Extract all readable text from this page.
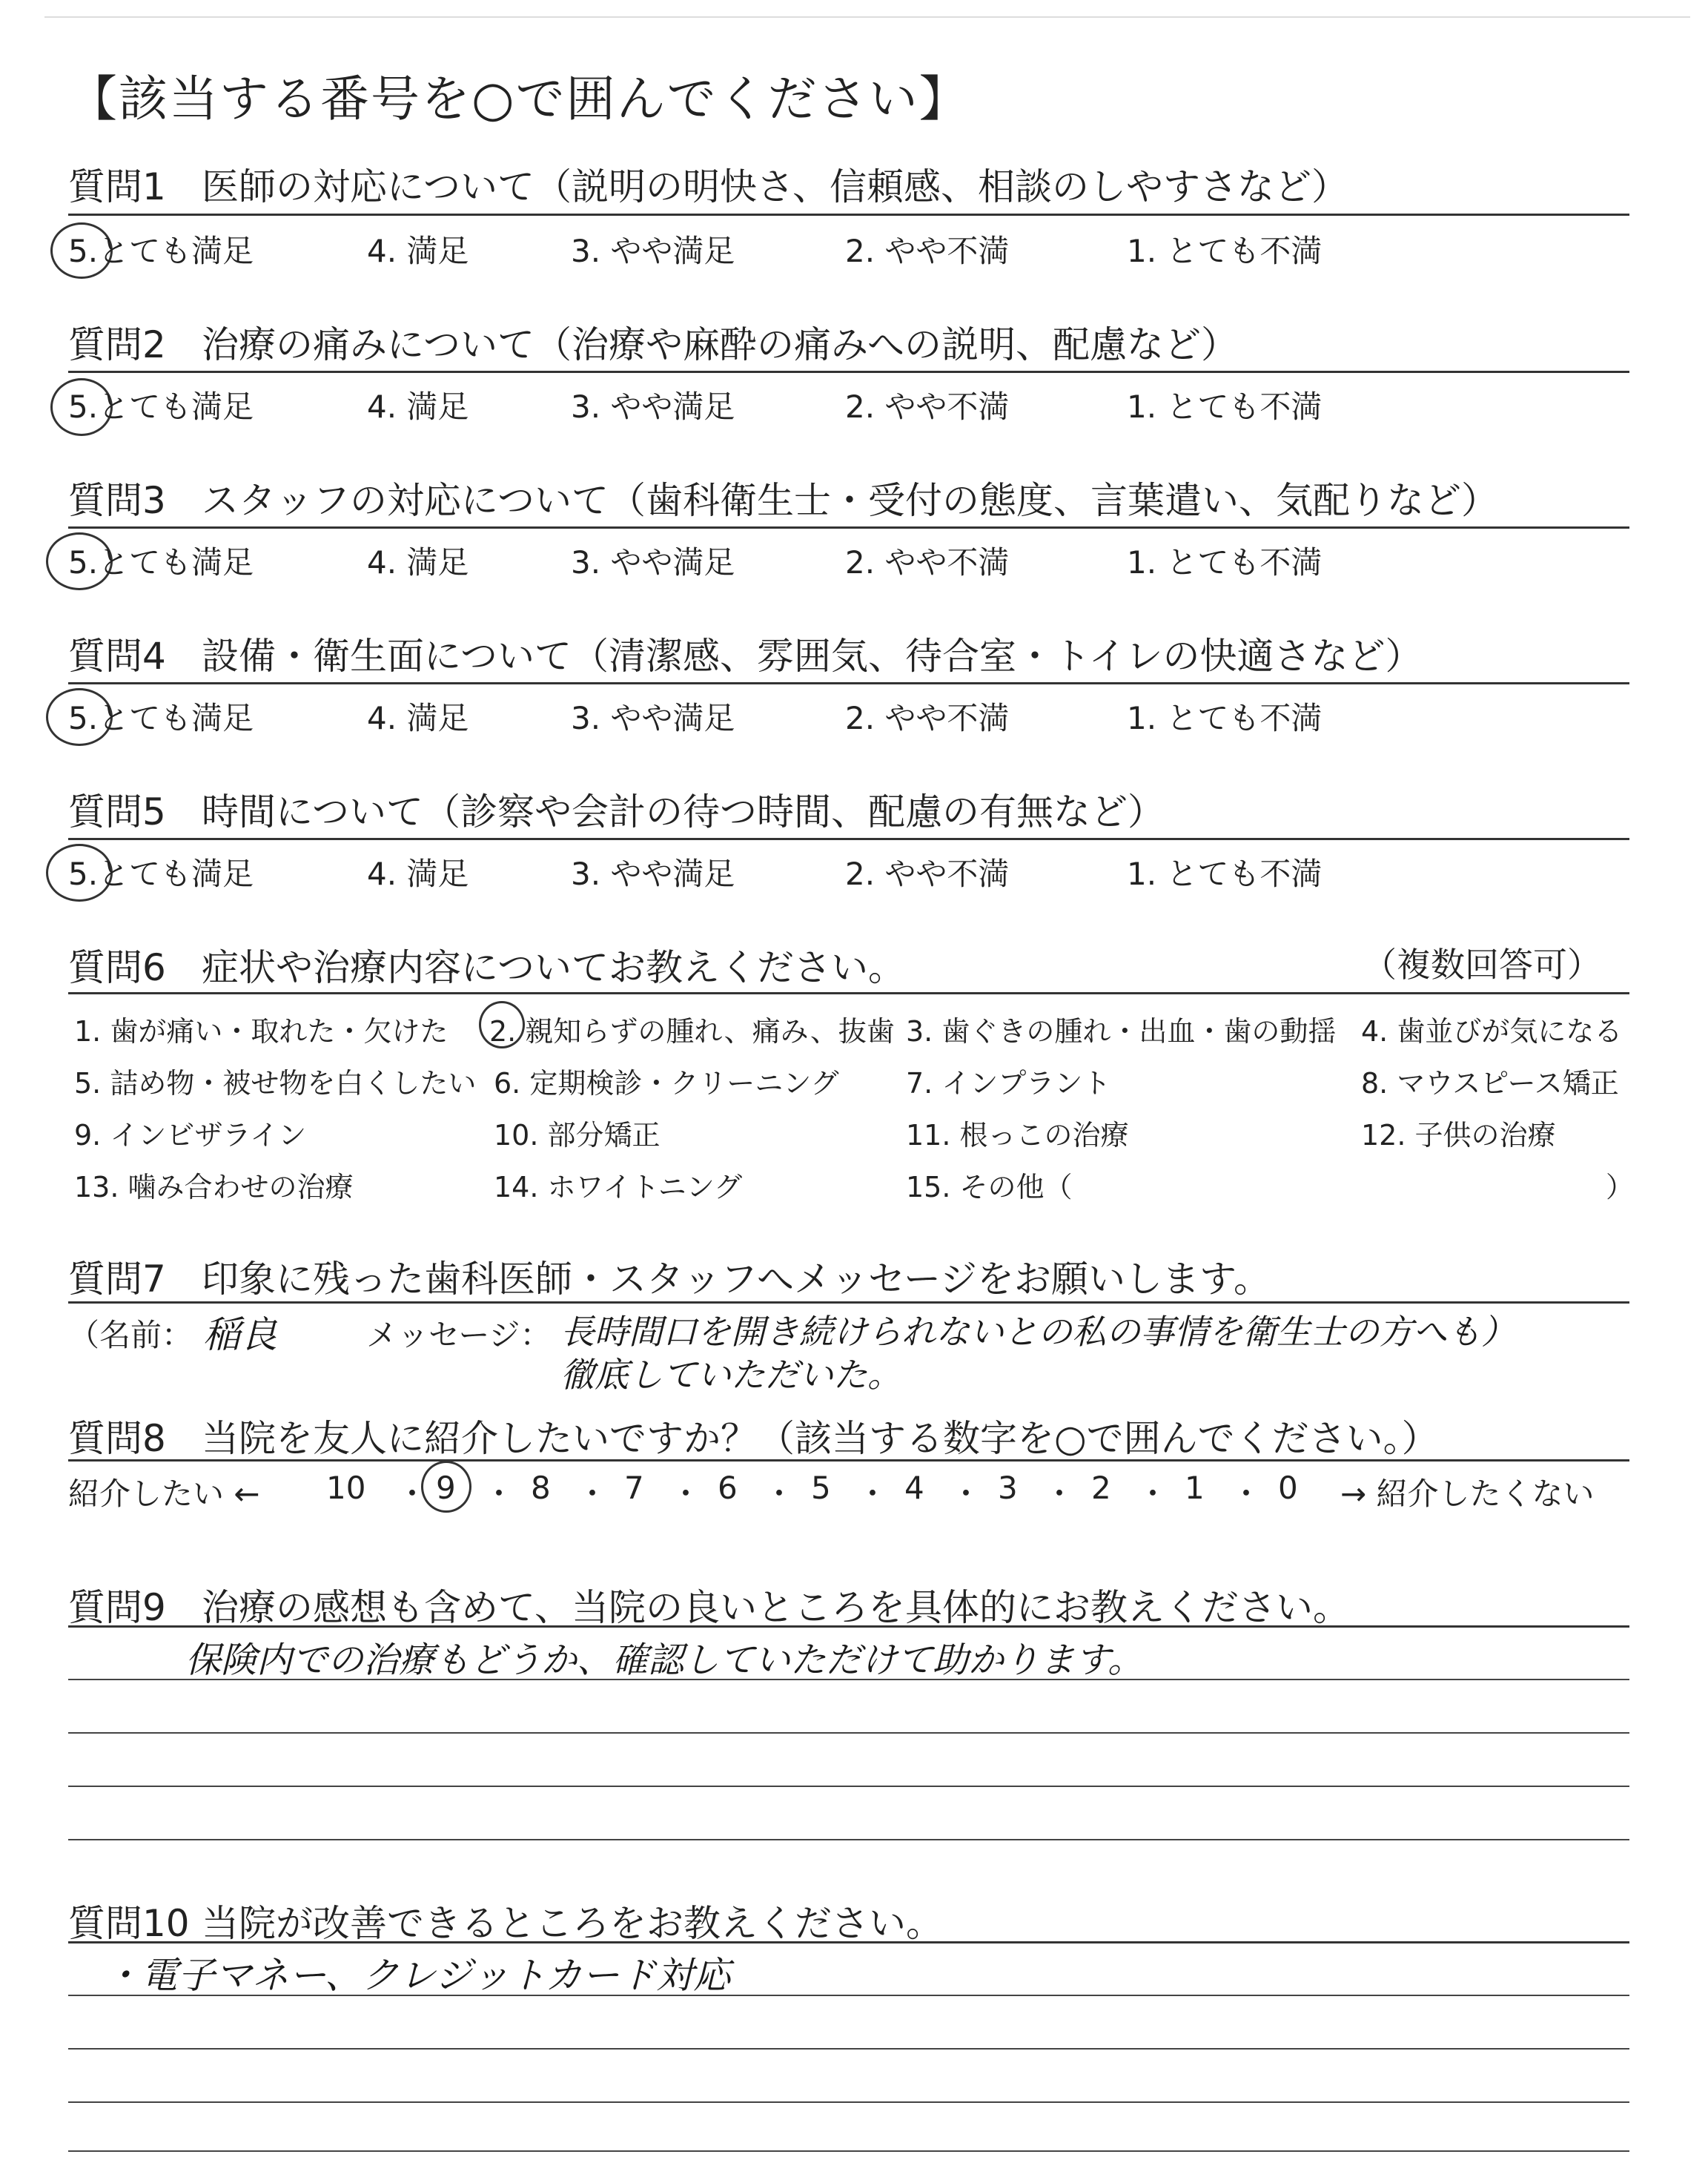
【該当する番号を○で囲んでください】
質問1 医師の対応について（説明の明快さ、信頼感、相談のしやすさなど）
5.とても満足	4. 満足	3. やや満足	2. やや不満	1. とても不満
質問2 治療の痛みについて（治療や麻酔の痛みへの説明、配慮など）
5.とても満足	4. 満足	3. やや満足	2. やや不満	1. とても不満
質問3 スタッフの対応について（歯科衛生士・受付の態度、言葉遣い、気配りなど）
5.とても満足	4. 満足	3. やや満足	2. やや不満	1. とても不満
質問4 設備・衛生面について（清潔感、雰囲気、待合室・トイレの快適さなど）
5.とても満足	4. 満足	3. やや満足	2. やや不満	1. とても不満
質問5 時間について（診察や会計の待つ時間、配慮の有無など）
5.とても満足	4. 満足	3. やや満足	2. やや不満	1. とても不満
質問6 症状や治療内容についてお教えください。	（複数回答可）
1. 歯が痛い・取れた・欠けた 2. 親知らずの腫れ、痛み、抜歯 3. 歯ぐきの腫れ・出血・歯の動揺 4. 歯並びが気になる
5. 詰め物・被せ物を白くしたい 6. 定期検診・クリーニング 7. インプラント	8. マウスピース矯正
9. インビザライン	10. 部分矯正	11. 根っこの治療	12. 子供の治療
13. 噛み合わせの治療	14. ホワイトニング	15. その他（	）
質問7 印象に残った歯科医師・スタッフへメッセージをお願いします。
（名前： 稲良	メッセージ： 長時間口を開き続けられないとの私の事情を衛生士の方へも）
徹底していただいた。
質問8 当院を友人に紹介したいですか？（該当する数字を○で囲んでください。）
紹介したい ← 10 ・ 9 ・ 8 ・ 7 ・ 6 ・ 5 ・ 4 ・ 3 ・ 2 ・ 1 ・ 0 → 紹介したくない
質問9 治療の感想も含めて、当院の良いところを具体的にお教えください。
保険内での治療もどうか、確認していただけて助かります。
質問10 当院が改善できるところをお教えください。
・電子マネー、クレジットカード対応
